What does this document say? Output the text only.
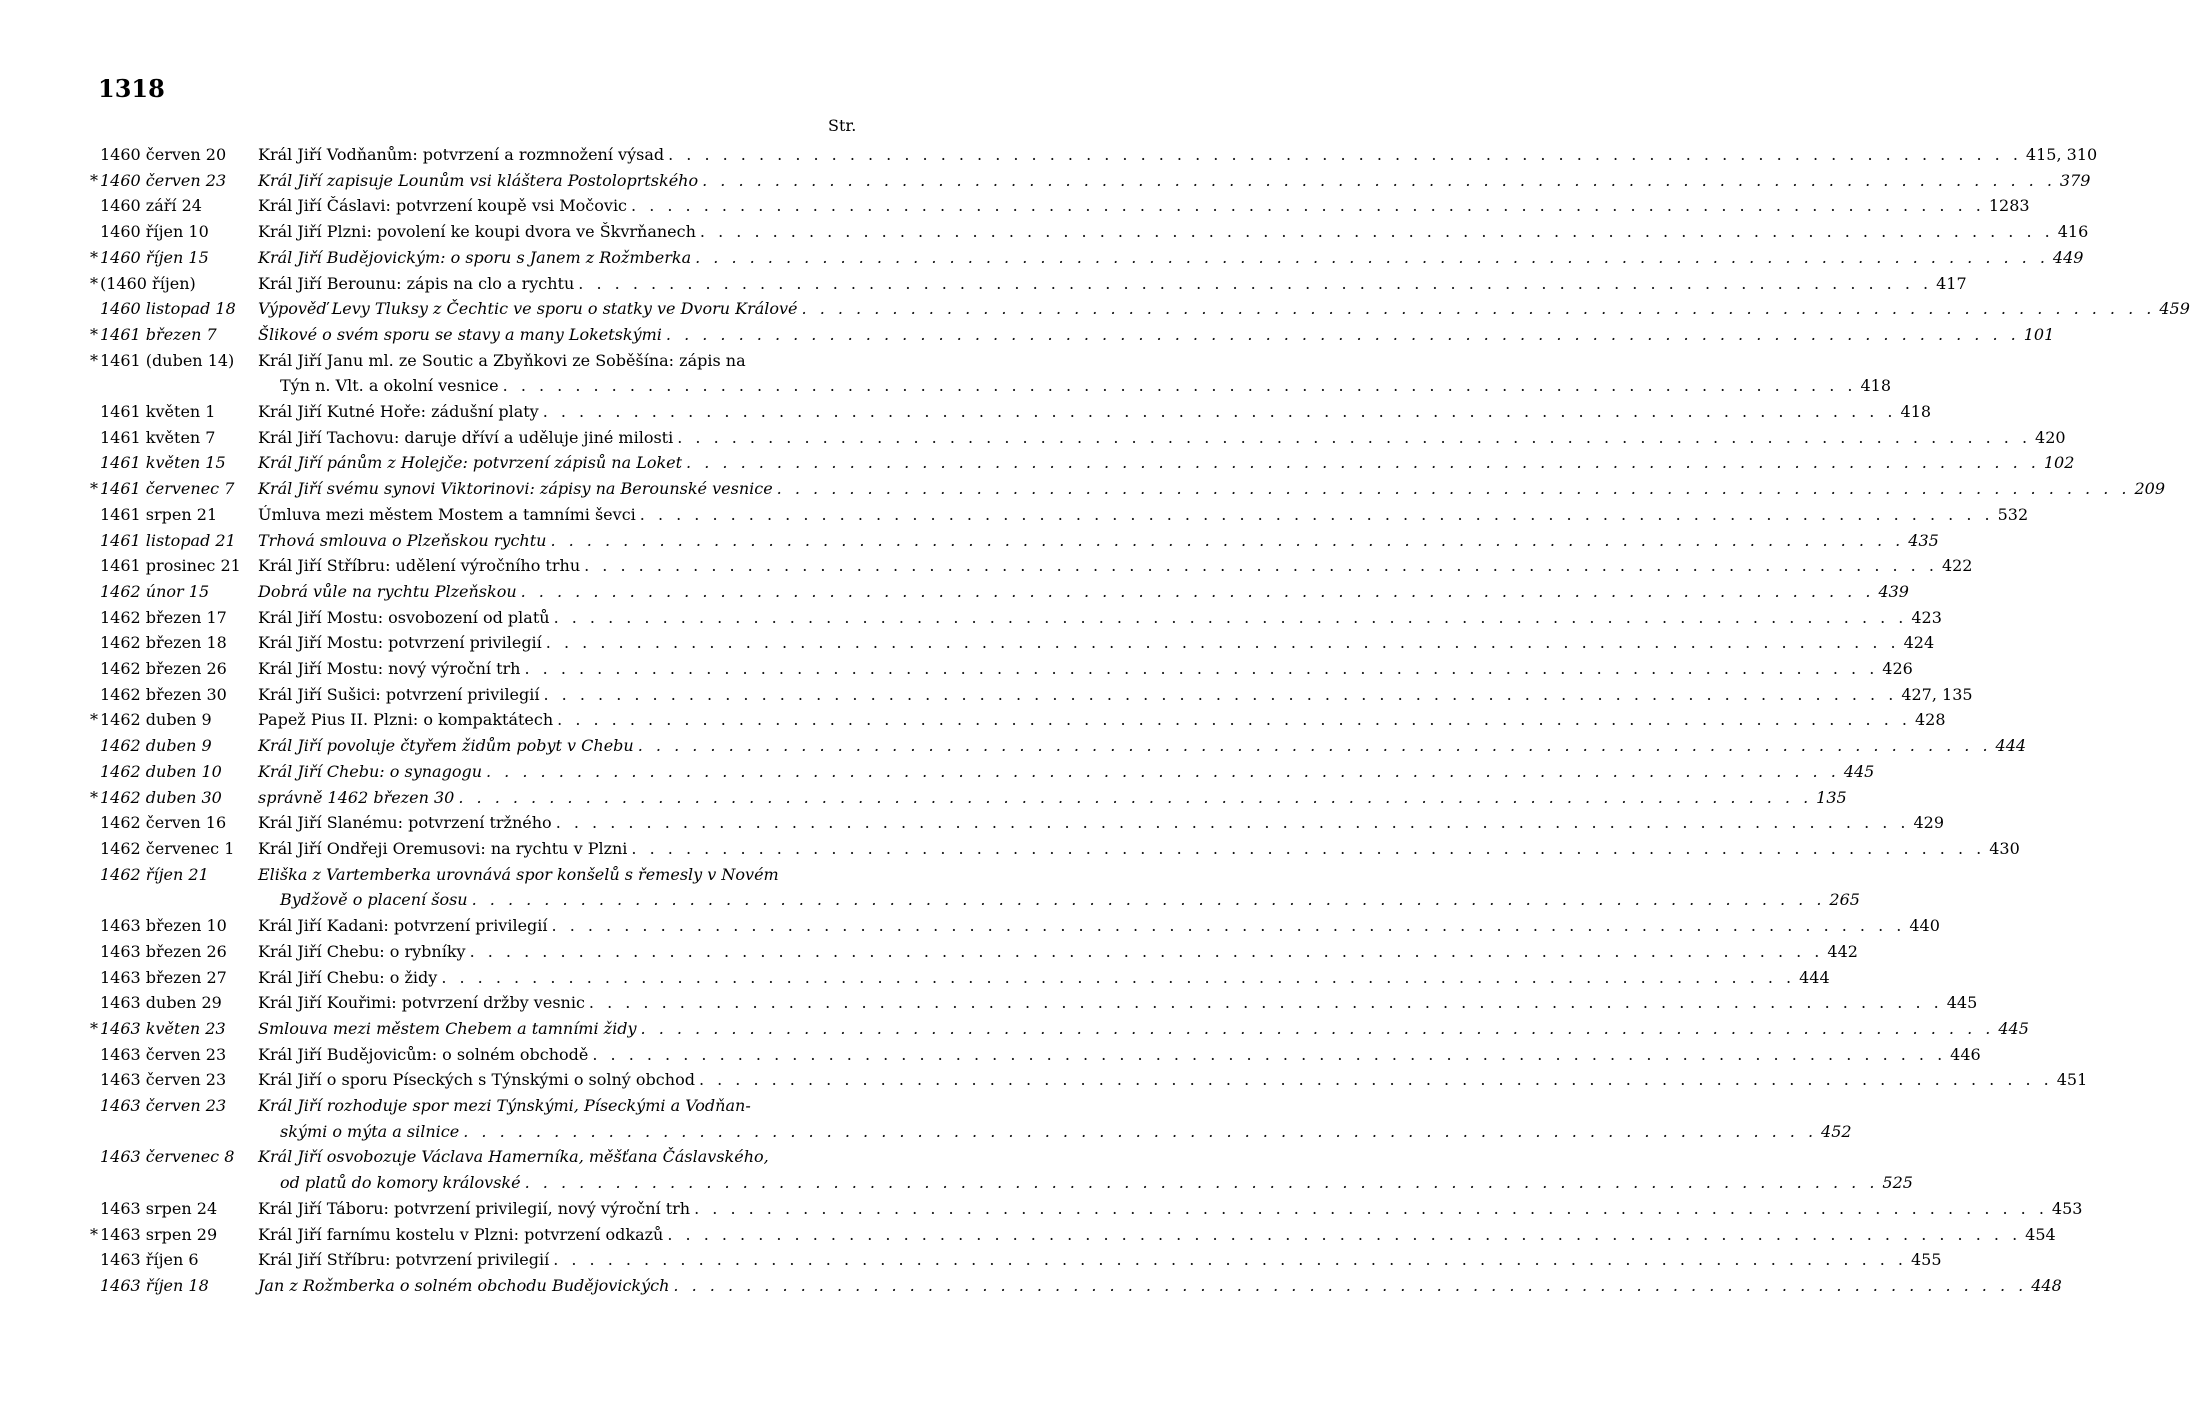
1318
Str.
1460 červen 20	Král Jiří Vodňanům: potvrzení a rozmnožení výsad . . .	415, 310
* 1460 červen 23	Král Jiří zapisuje Lounům vsi kláštera Postoloprtského . . .	379
1460 září 24	Král Jiří Čáslavi: potvrzení koupě vsi Močovic . . .	1283
1460 říjen 10	Král Jiří Plzni: povolení ke koupi dvora ve Škvrňanech . . .	416
* 1460 říjen 15	Král Jiří Budějovickým: o sporu s Janem z Rožmberka . . .	449
* (1460 říjen)	Král Jiří Berounu: zápis na clo a rychtu . . .	417
1460 listopad 18	Výpověď Levy Tluksy z Čechtic ve sporu o statky ve Dvoru Králové . . .	459
* 1461 březen 7	Šlikové o svém sporu se stavy a many Loketskými . . .	101
* 1461 (duben 14)	Král Jiří Janu ml. ze Soutic a Zbyňkovi ze Soběšína: zápis na
Týn n. Vlt. a okolní vesnice . . .	418
1461 květen 1	Král Jiří Kutné Hoře: zádušní platy . . .	418
1461 květen 7	Král Jiří Tachovu: daruje dříví a uděluje jiné milosti . . .	420
1461 květen 15	Král Jiří pánům z Holejče: potvrzení zápisů na Loket . . .	102
* 1461 červenec 7	Král Jiří svému synovi Viktorinovi: zápisy na Berounské vesnice . . .	209
1461 srpen 21	Úmluva mezi městem Mostem a tamními ševci . . .	532
1461 listopad 21	Trhová smlouva o Plzeňskou rychtu . . .	435
1461 prosinec 21	Král Jiří Stříbru: udělení výročního trhu . . .	422
1462 únor 15	Dobrá vůle na rychtu Plzeňskou . . .	439
1462 březen 17	Král Jiří Mostu: osvobození od platů . . .	423
1462 březen 18	Král Jiří Mostu: potvrzení privilegií . . .	424
1462 březen 26	Král Jiří Mostu: nový výroční trh . . .	426
1462 březen 30	Král Jiří Sušici: potvrzení privilegií . . .	427, 135
* 1462 duben 9	Papež Pius II. Plzni: o kompaktátech . . .	428
1462 duben 9	Král Jiří povoluje čtyřem židům pobyt v Chebu . . .	444
1462 duben 10	Král Jiří Chebu: o synagogu . . .	445
* 1462 duben 30	správně 1462 březen 30 . . .	135
1462 červen 16	Král Jiří Slanému: potvrzení tržného . . .	429
1462 červenec 1	Král Jiří Ondřeji Oremusovi: na rychtu v Plzni . . .	430
1462 říjen 21	Eliška z Vartemberka urovnává spor konšelů s řemesly v Novém
Bydžově o placení šosu . . .	265
1463 březen 10	Král Jiří Kadani: potvrzení privilegií . . .	440
1463 březen 26	Král Jiří Chebu: o rybníky . . .	442
1463 březen 27	Král Jiří Chebu: o židy . . .	444
1463 duben 29	Král Jiří Kouřimi: potvrzení držby vesnic . . .	445
* 1463 květen 23	Smlouva mezi městem Chebem a tamními židy . . .	445
1463 červen 23	Král Jiří Budějovicům: o solném obchodě . . .	446
1463 červen 23	Král Jiří o sporu Píseckých s Týnskými o solný obchod . . .	451
1463 červen 23	Král Jiří rozhoduje spor mezi Týnskými, Píseckými a Vodňan-
skými o mýta a silnice . . .	452
1463 červenec 8	Král Jiří osvobozuje Václava Hamerníka, měšťana Čáslavského,
od platů do komory královské . . .	525
1463 srpen 24	Král Jiří Táboru: potvrzení privilegií, nový výroční trh . . .	453
* 1463 srpen 29	Král Jiří farnímu kostelu v Plzni: potvrzení odkazů . . .	454
1463 říjen 6	Král Jiří Stříbru: potvrzení privilegií . . .	455
1463 říjen 18	Jan z Rožmberka o solném obchodu Budějovických . . .	448
